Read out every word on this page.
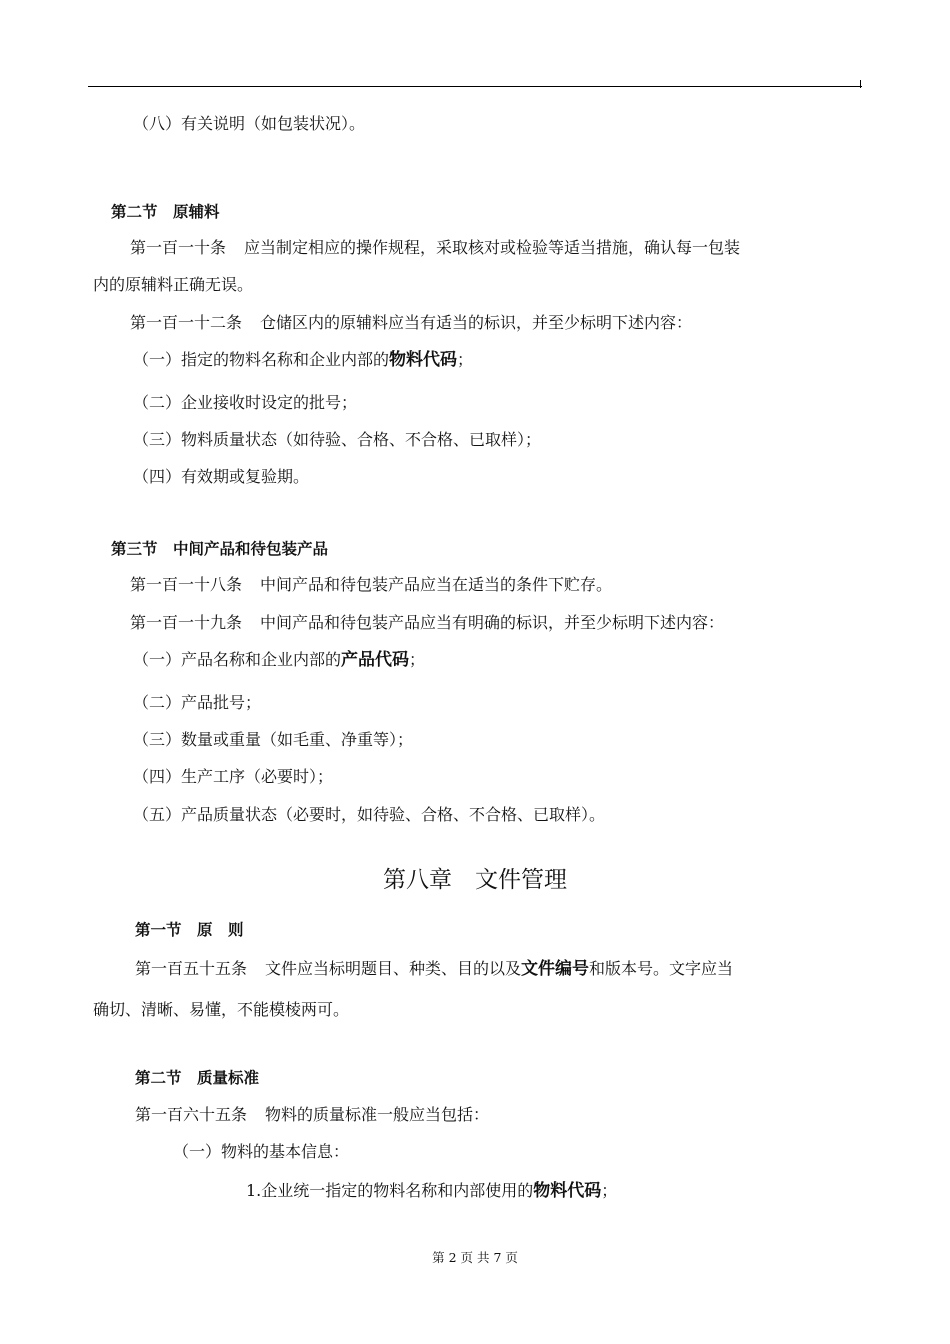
（八）有关说明（如包装状况）。
第二节　原辅料
第一百一十条 应当制定相应的操作规程，采取核对或检验等适当措施，确认每一包装
内的原辅料正确无误。
第一百一十二条 仓储区内的原辅料应当有适当的标识，并至少标明下述内容：
（一）指定的物料名称和企业内部的物料代码；
（二）企业接收时设定的批号；
（三）物料质量状态（如待验、合格、不合格、已取样）；
（四）有效期或复验期。
第三节　中间产品和待包装产品
第一百一十八条 中间产品和待包装产品应当在适当的条件下贮存。
第一百一十九条 中间产品和待包装产品应当有明确的标识，并至少标明下述内容：
（一）产品名称和企业内部的产品代码；
（二）产品批号；
（三）数量或重量（如毛重、净重等）；
（四）生产工序（必要时）；
（五）产品质量状态（必要时，如待验、合格、不合格、已取样）。
第八章　文件管理
第一节　原　则
第一百五十五条 文件应当标明题目、种类、目的以及文件编号和版本号。文字应当
确切、清晰、易懂，不能模棱两可。
第二节　质量标准
第一百六十五条 物料的质量标准一般应当包括：
（一）物料的基本信息：
1.企业统一指定的物料名称和内部使用的物料代码；
第 2 页 共 7 页
